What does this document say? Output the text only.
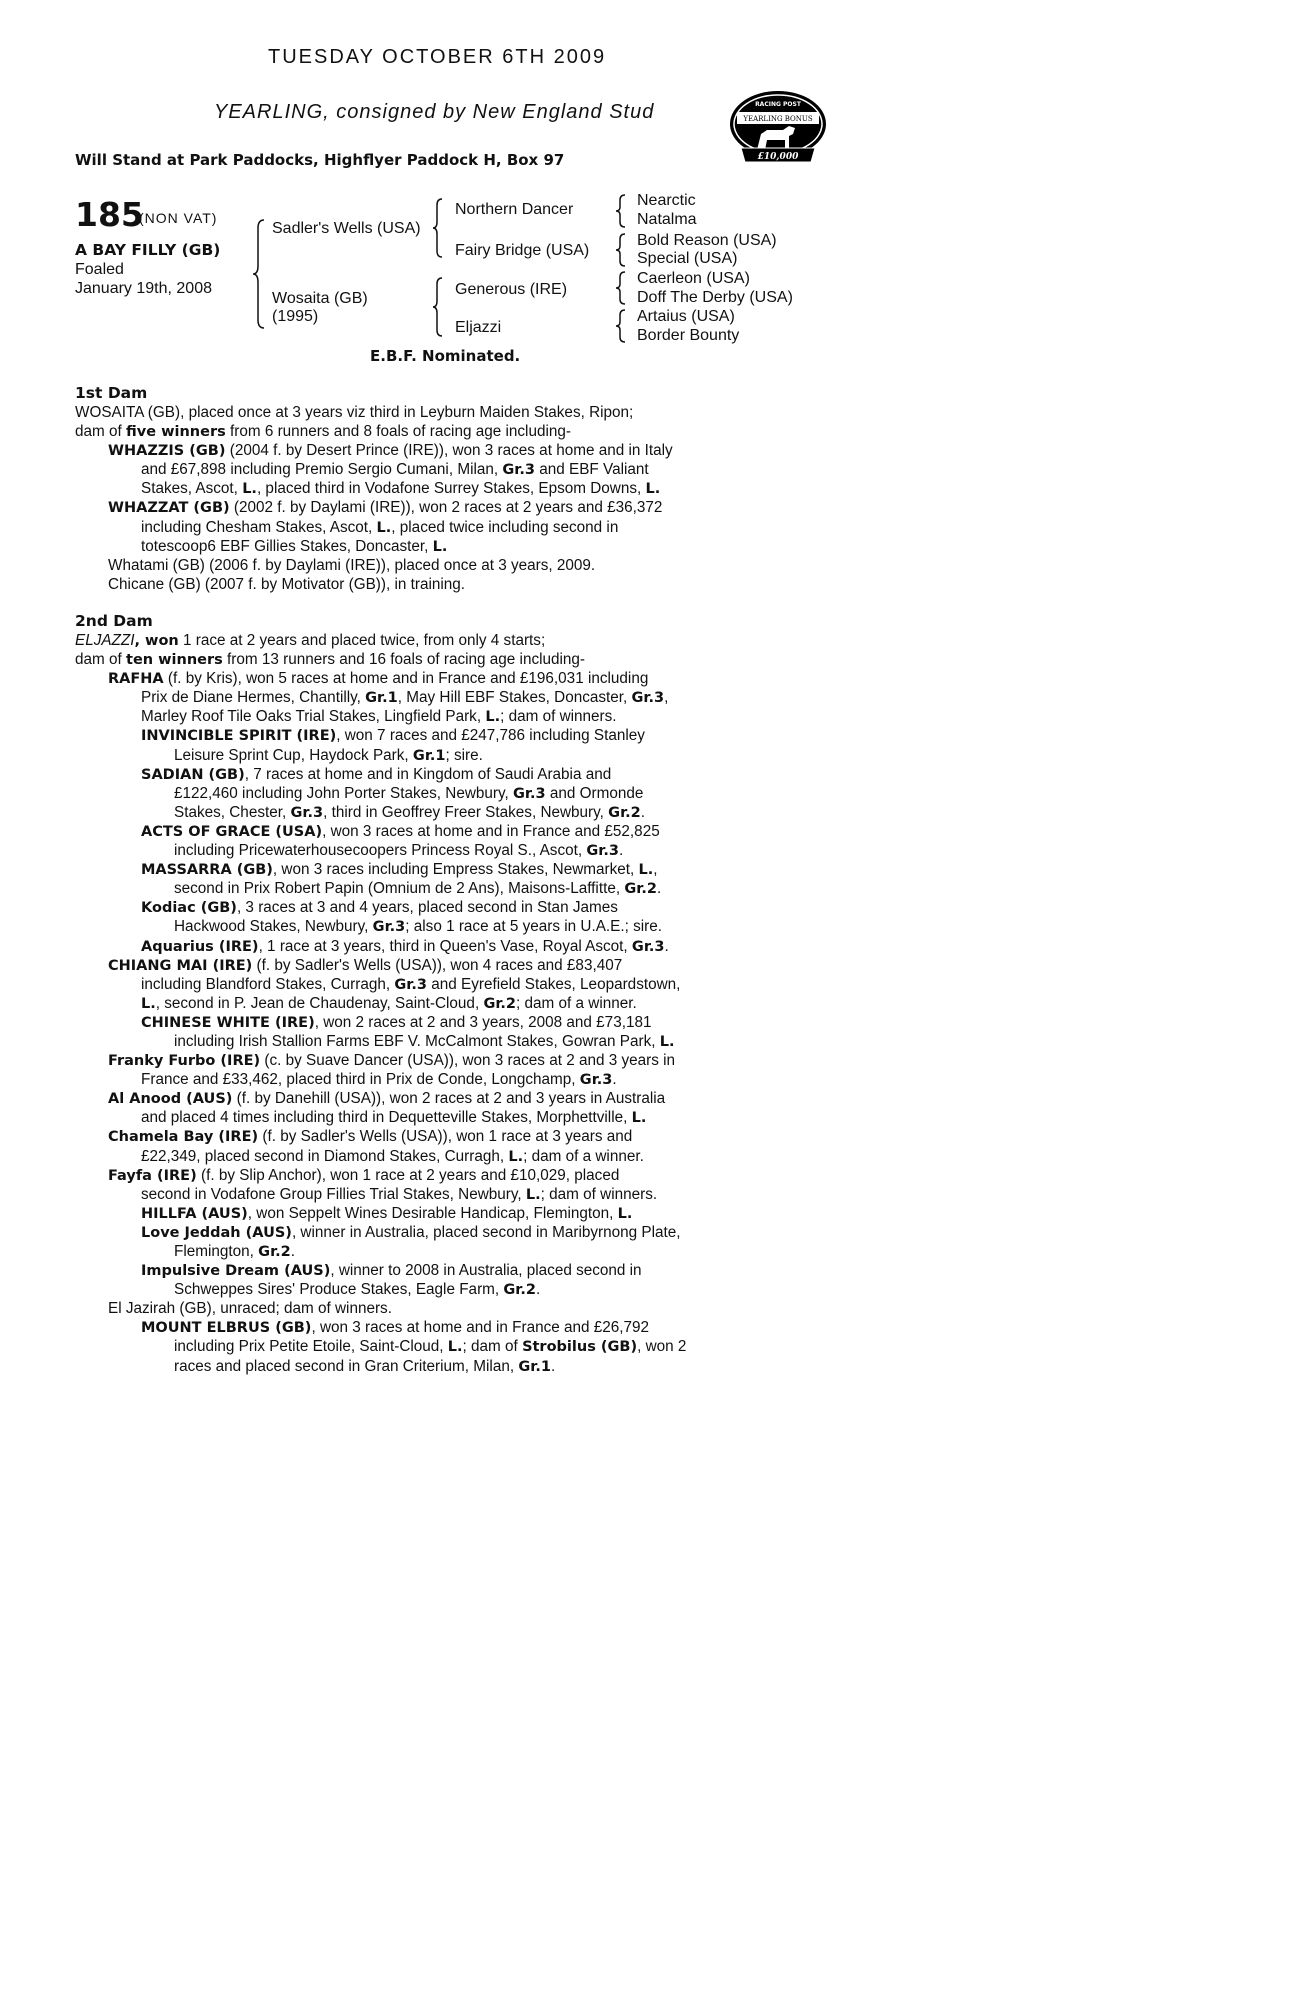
TUESDAY OCTOBER 6TH 2009
YEARLING, consigned by New England Stud
Will Stand at Park Paddocks, Highflyer Paddock H, Box 97
RACING POST
YEARLING BONUS
£10,000
185
(NON VAT)
A BAY FILLY (GB)
Foaled
January 19th, 2008
Sadler's Wells (USA)
Wosaita (GB)
(1995)
Northern Dancer
Fairy Bridge (USA)
Generous (IRE)
Eljazzi
Nearctic
Natalma
Bold Reason (USA)
Special (USA)
Caerleon (USA)
Doff The Derby (USA)
Artaius (USA)
Border Bounty
E.B.F. Nominated.
1st Dam
WOSAITA (GB), placed once at 3 years viz third in Leyburn Maiden Stakes, Ripon;
dam of five winners from 6 runners and 8 foals of racing age including-
WHAZZIS (GB) (2004 f. by Desert Prince (IRE)), won 3 races at home and in Italy
and £67,898 including Premio Sergio Cumani, Milan, Gr.3 and EBF Valiant
Stakes, Ascot, L., placed third in Vodafone Surrey Stakes, Epsom Downs, L.
WHAZZAT (GB) (2002 f. by Daylami (IRE)), won 2 races at 2 years and £36,372
including Chesham Stakes, Ascot, L., placed twice including second in
totescoop6 EBF Gillies Stakes, Doncaster, L.
Whatami (GB) (2006 f. by Daylami (IRE)), placed once at 3 years, 2009.
Chicane (GB) (2007 f. by Motivator (GB)), in training.
2nd Dam
ELJAZZI, won 1 race at 2 years and placed twice, from only 4 starts;
dam of ten winners from 13 runners and 16 foals of racing age including-
RAFHA (f. by Kris), won 5 races at home and in France and £196,031 including
Prix de Diane Hermes, Chantilly, Gr.1, May Hill EBF Stakes, Doncaster, Gr.3,
Marley Roof Tile Oaks Trial Stakes, Lingfield Park, L.; dam of winners.
INVINCIBLE SPIRIT (IRE), won 7 races and £247,786 including Stanley
Leisure Sprint Cup, Haydock Park, Gr.1; sire.
SADIAN (GB), 7 races at home and in Kingdom of Saudi Arabia and
£122,460 including John Porter Stakes, Newbury, Gr.3 and Ormonde
Stakes, Chester, Gr.3, third in Geoffrey Freer Stakes, Newbury, Gr.2.
ACTS OF GRACE (USA), won 3 races at home and in France and £52,825
including Pricewaterhousecoopers Princess Royal S., Ascot, Gr.3.
MASSARRA (GB), won 3 races including Empress Stakes, Newmarket, L.,
second in Prix Robert Papin (Omnium de 2 Ans), Maisons-Laffitte, Gr.2.
Kodiac (GB), 3 races at 3 and 4 years, placed second in Stan James
Hackwood Stakes, Newbury, Gr.3; also 1 race at 5 years in U.A.E.; sire.
Aquarius (IRE), 1 race at 3 years, third in Queen's Vase, Royal Ascot, Gr.3.
CHIANG MAI (IRE) (f. by Sadler's Wells (USA)), won 4 races and £83,407
including Blandford Stakes, Curragh, Gr.3 and Eyrefield Stakes, Leopardstown,
L., second in P. Jean de Chaudenay, Saint-Cloud, Gr.2; dam of a winner.
CHINESE WHITE (IRE), won 2 races at 2 and 3 years, 2008 and £73,181
including Irish Stallion Farms EBF V. McCalmont Stakes, Gowran Park, L.
Franky Furbo (IRE) (c. by Suave Dancer (USA)), won 3 races at 2 and 3 years in
France and £33,462, placed third in Prix de Conde, Longchamp, Gr.3.
Al Anood (AUS) (f. by Danehill (USA)), won 2 races at 2 and 3 years in Australia
and placed 4 times including third in Dequetteville Stakes, Morphettville, L.
Chamela Bay (IRE) (f. by Sadler's Wells (USA)), won 1 race at 3 years and
£22,349, placed second in Diamond Stakes, Curragh, L.; dam of a winner.
Fayfa (IRE) (f. by Slip Anchor), won 1 race at 2 years and £10,029, placed
second in Vodafone Group Fillies Trial Stakes, Newbury, L.; dam of winners.
HILLFA (AUS), won Seppelt Wines Desirable Handicap, Flemington, L.
Love Jeddah (AUS), winner in Australia, placed second in Maribyrnong Plate,
Flemington, Gr.2.
Impulsive Dream (AUS), winner to 2008 in Australia, placed second in
Schweppes Sires' Produce Stakes, Eagle Farm, Gr.2.
El Jazirah (GB), unraced; dam of winners.
MOUNT ELBRUS (GB), won 3 races at home and in France and £26,792
including Prix Petite Etoile, Saint-Cloud, L.; dam of Strobilus (GB), won 2
races and placed second in Gran Criterium, Milan, Gr.1.
